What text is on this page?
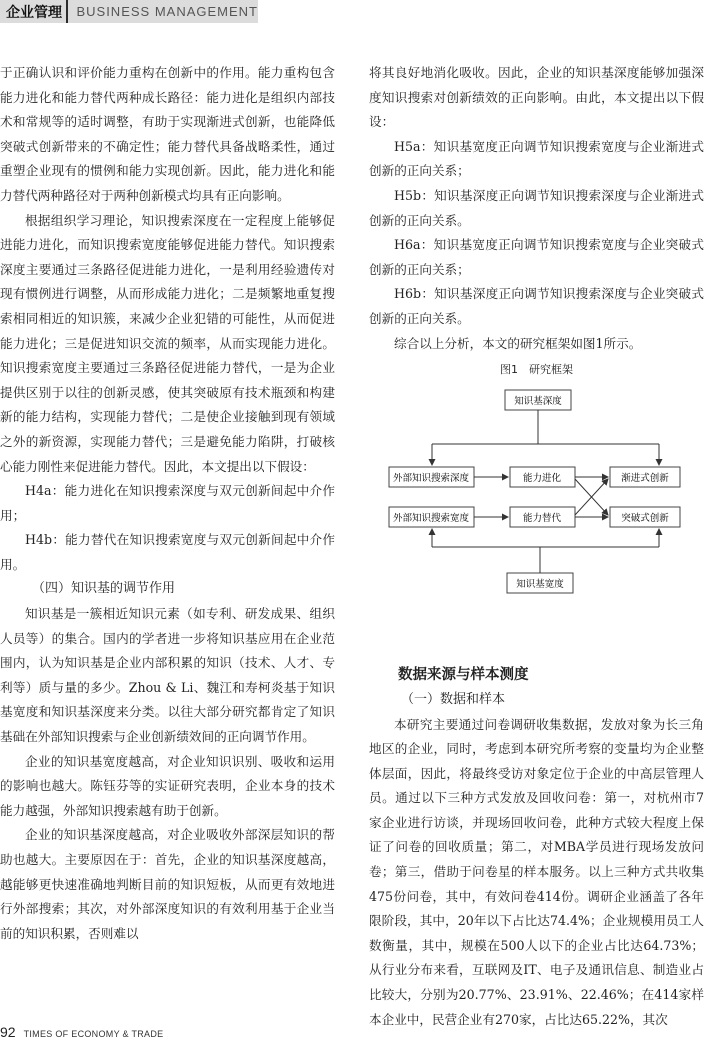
企业管理	BUSINESS MANAGEMENT

于正确认识和评价能力重构在创新中的作用。能力重构包含能力进化和能力替代两种成长路径：能力进化是组织内部技术和常规等的适时调整，有助于实现渐进式创新，也能降低突破式创新带来的不确定性；能力替代具备战略柔性，通过重塑企业现有的惯例和能力实现创新。因此，能力进化和能力替代两种路径对于两种创新模式均具有正向影响。

根据组织学习理论，知识搜索深度在一定程度上能够促进能力进化，而知识搜索宽度能够促进能力替代。知识搜索深度主要通过三条路径促进能力进化，一是利用经验遗传对现有惯例进行调整，从而形成能力进化；二是频繁地重复搜索相同相近的知识簇，来减少企业犯错的可能性，从而促进能力进化；三是促进知识交流的频率，从而实现能力进化。知识搜索宽度主要通过三条路径促进能力替代，一是为企业提供区别于以往的创新灵感，使其突破原有技术瓶颈和构建新的能力结构，实现能力替代；二是使企业接触到现有领域之外的新资源，实现能力替代；三是避免能力陷阱，打破核心能力刚性来促进能力替代。因此，本文提出以下假设：

H4a：能力进化在知识搜索深度与双元创新间起中介作用；

H4b：能力替代在知识搜索宽度与双元创新间起中介作用。

（四）知识基的调节作用

知识基是一簇相近知识元素（如专利、研发成果、组织人员等）的集合。国内的学者进一步将知识基应用在企业范围内，认为知识基是企业内部积累的知识（技术、人才、专利等）质与量的多少。Zhou & Li、魏江和寿柯炎基于知识基宽度和知识基深度来分类。以往大部分研究都肯定了知识基础在外部知识搜索与企业创新绩效间的正向调节作用。

企业的知识基宽度越高，对企业知识识别、吸收和运用的影响也越大。陈钰芬等的实证研究表明，企业本身的技术能力越强，外部知识搜索越有助于创新。

企业的知识基深度越高，对企业吸收外部深层知识的帮助也越大。主要原因在于：首先，企业的知识基深度越高，越能够更快速准确地判断目前的知识短板，从而更有效地进行外部搜索；其次，对外部深度知识的有效利用基于企业当前的知识积累，否则难以

将其良好地消化吸收。因此，企业的知识基深度能够加强深度知识搜索对创新绩效的正向影响。由此，本文提出以下假设：

H5a：知识基宽度正向调节知识搜索宽度与企业渐进式创新的正向关系；

H5b：知识基深度正向调节知识搜索深度与企业渐进式创新的正向关系。

H6a：知识基宽度正向调节知识搜索宽度与企业突破式创新的正向关系；

H6b：知识基深度正向调节知识搜索深度与企业突破式创新的正向关系。

综合以上分析，本文的研究框架如图1所示。

图1　研究框架
知识基深度
外部知识搜索深度
外部知识搜索宽度
能力进化
能力替代
渐进式创新
突破式创新
知识基宽度

数据来源与样本测度

（一）数据和样本

本研究主要通过问卷调研收集数据，发放对象为长三角地区的企业，同时，考虑到本研究所考察的变量均为企业整体层面，因此，将最终受访对象定位于企业的中高层管理人员。通过以下三种方式发放及回收问卷：第一，对杭州市7家企业进行访谈，并现场回收问卷，此种方式较大程度上保证了问卷的回收质量；第二，对MBA学员进行现场发放问卷；第三，借助于问卷星的样本服务。以上三种方式共收集475份问卷，其中，有效问卷414份。调研企业涵盖了各年限阶段，其中，20年以下占比达74.4%；企业规模用员工人数衡量，其中，规模在500人以下的企业占比达64.73%；从行业分布来看，互联网及IT、电子及通讯信息、制造业占比较大，分别为20.77%、23.91%、22.46%；在414家样本企业中，民营企业有270家，占比达65.22%，其次

92 TIMES OF ECONOMY & TRADE
